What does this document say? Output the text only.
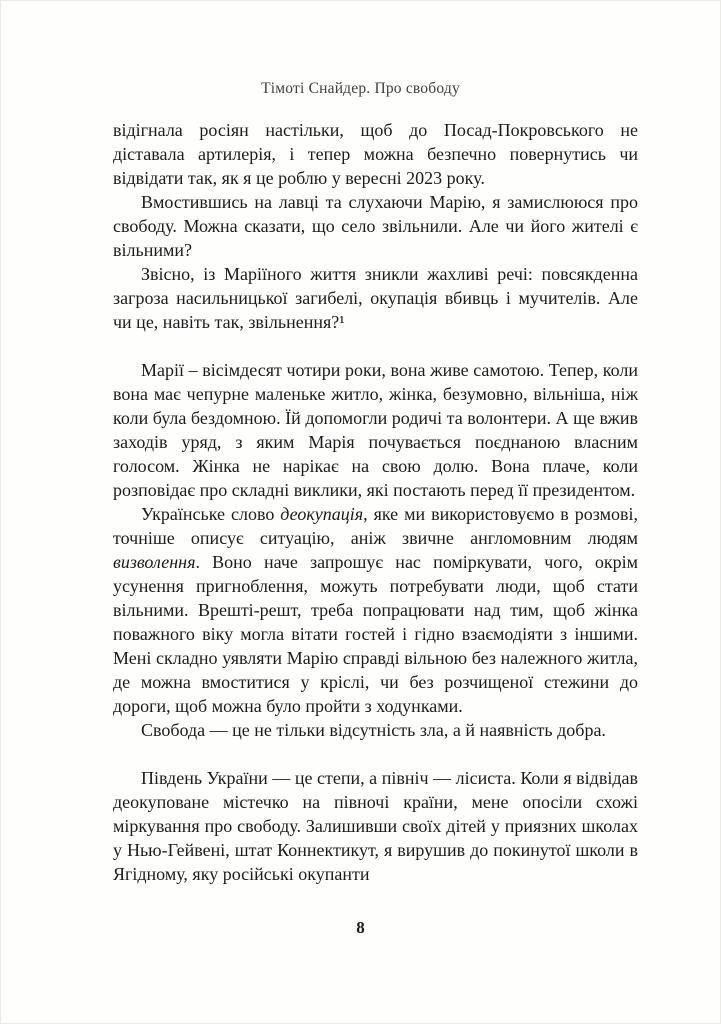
Тімоті Снайдер. Про свободу

відігнала росіян настільки, щоб до Посад-Покровського не діставала артилерія, і тепер можна безпечно повернутись чи відвідати так, як я це роблю у вересні 2023 року.

Вмостившись на лавці та слухаючи Марію, я замислююся про свободу. Можна сказати, що село звільнили. Але чи його жителі є вільними?

Звісно, із Маріїного життя зникли жахливі речі: повсякденна загроза насильницької загибелі, окупація вбивць і мучителів. Але чи це, навіть так, звільнення?¹

Марії – вісімдесят чотири роки, вона живе самотою. Тепер, коли вона має чепурне маленьке житло, жінка, безумовно, вільніша, ніж коли була бездомною. Їй допомогли родичі та волонтери. А ще вжив заходів уряд, з яким Марія почувається поєднаною власним голосом. Жінка не нарікає на свою долю. Вона плаче, коли розповідає про складні виклики, які постають перед її президентом.

Українське слово деокупація, яке ми використовуємо в розмові, точніше описує ситуацію, аніж звичне англомовним людям визволення. Воно наче запрошує нас поміркувати, чого, окрім усунення пригноблення, можуть потребувати люди, щоб стати вільними. Врешті-решт, треба попрацювати над тим, щоб жінка поважного віку могла вітати гостей і гідно взаємодіяти з іншими. Мені складно уявляти Марію справді вільною без належного житла, де можна вмоститися у кріслі, чи без розчищеної стежини до дороги, щоб можна було пройти з ходунками.

Свобода — це не тільки відсутність зла, а й наявність добра.

Південь України — це степи, а північ — лісиста. Коли я відвідав деокуповане містечко на півночі країни, мене опосіли схожі міркування про свободу. Залишивши своїх дітей у приязних школах у Нью-Гейвені, штат Коннектикут, я вирушив до покинутої школи в Ягідному, яку російські окупанти

8
